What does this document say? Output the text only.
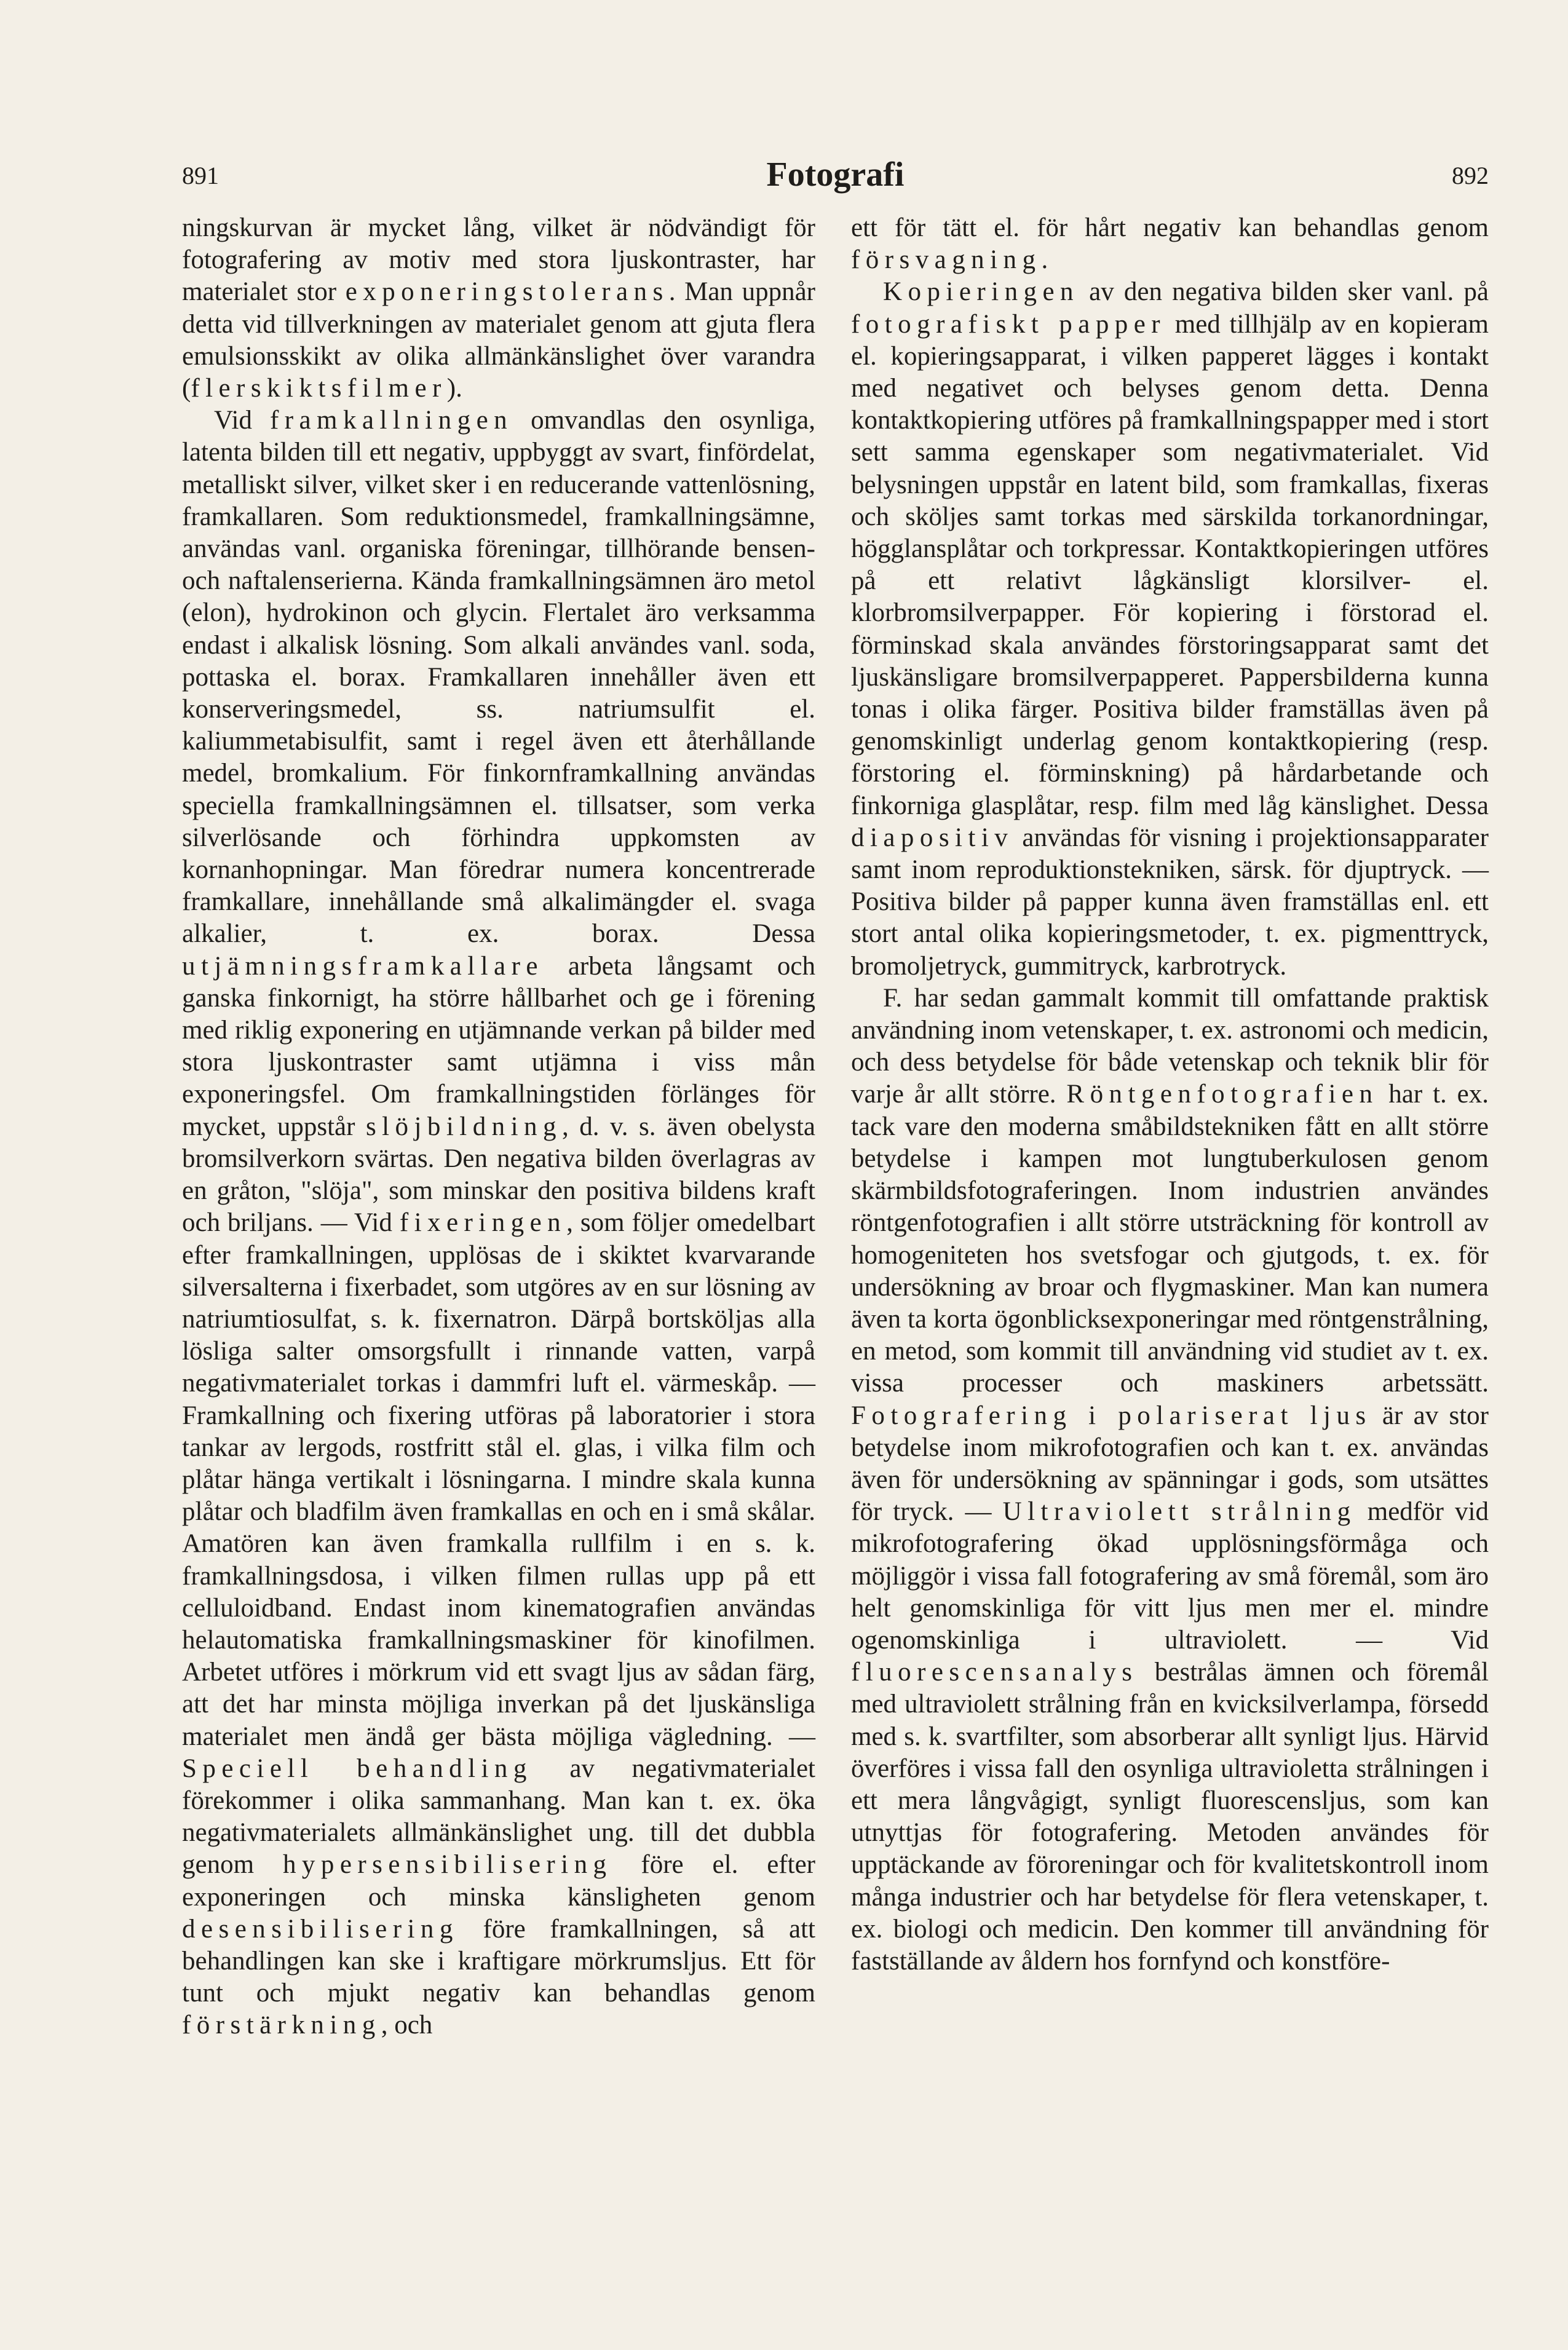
891	Fotografi	892

ningskurvan är mycket lång, vilket är nödvändigt för fotografering av motiv med stora ljuskontraster, har materialet stor exponeringstolerans. Man uppnår detta vid tillverkningen av materialet genom att gjuta flera emulsionsskikt av olika allmänkänslighet över varandra (flerskiktsfilmer).

Vid framkallningen omvandlas den osynliga, latenta bilden till ett negativ, uppbyggt av svart, finfördelat, metalliskt silver, vilket sker i en reducerande vattenlösning, framkallaren. Som reduktionsmedel, framkallningsämne, användas vanl. organiska föreningar, tillhörande bensen- och naftalenserierna. Kända framkallningsämnen äro metol (elon), hydrokinon och glycin. Flertalet äro verksamma endast i alkalisk lösning. Som alkali användes vanl. soda, pottaska el. borax. Framkallaren innehåller även ett konserveringsmedel, ss. natriumsulfit el. kaliummetabisulfit, samt i regel även ett återhållande medel, bromkalium. För finkornframkallning användas speciella framkallningsämnen el. tillsatser, som verka silverlösande och förhindra uppkomsten av kornanhopningar. Man föredrar numera koncentrerade framkallare, innehållande små alkalimängder el. svaga alkalier, t. ex. borax. Dessa utjämningsframkallare arbeta långsamt och ganska finkornigt, ha större hållbarhet och ge i förening med riklig exponering en utjämnande verkan på bilder med stora ljuskontraster samt utjämna i viss mån exponeringsfel. Om framkallningstiden förlänges för mycket, uppstår slöjbildning, d. v. s. även obelysta bromsilverkorn svärtas. Den negativa bilden överlagras av en gråton, "slöja", som minskar den positiva bildens kraft och briljans. — Vid fixeringen, som följer omedelbart efter framkallningen, upplösas de i skiktet kvarvarande silversalterna i fixerbadet, som utgöres av en sur lösning av natriumtiosulfat, s. k. fixernatron. Därpå bortsköljas alla lösliga salter omsorgsfullt i rinnande vatten, varpå negativmaterialet torkas i dammfri luft el. värmeskåp. — Framkallning och fixering utföras på laboratorier i stora tankar av lergods, rostfritt stål el. glas, i vilka film och plåtar hänga vertikalt i lösningarna. I mindre skala kunna plåtar och bladfilm även framkallas en och en i små skålar. Amatören kan även framkalla rullfilm i en s. k. framkallningsdosa, i vilken filmen rullas upp på ett celluloidband. Endast inom kinematografien användas helautomatiska framkallningsmaskiner för kinofilmen. Arbetet utföres i mörkrum vid ett svagt ljus av sådan färg, att det har minsta möjliga inverkan på det ljuskänsliga materialet men ändå ger bästa möjliga vägledning. — Speciell behandling av negativmaterialet förekommer i olika sammanhang. Man kan t. ex. öka negativmaterialets allmänkänslighet ung. till det dubbla genom hypersensibilisering före el. efter exponeringen och minska känsligheten genom desensibilisering före framkallningen, så att behandlingen kan ske i kraftigare mörkrumsljus. Ett för tunt och mjukt negativ kan behandlas genom förstärkning, och

ett för tätt el. för hårt negativ kan behandlas genom försvagning.

Kopieringen av den negativa bilden sker vanl. på fotografiskt papper med tillhjälp av en kopieram el. kopieringsapparat, i vilken papperet lägges i kontakt med negativet och belyses genom detta. Denna kontaktkopiering utföres på framkallningspapper med i stort sett samma egenskaper som negativmaterialet. Vid belysningen uppstår en latent bild, som framkallas, fixeras och sköljes samt torkas med särskilda torkanordningar, högglansplåtar och torkpressar. Kontaktkopieringen utföres på ett relativt lågkänsligt klorsilver- el. klorbromsilverpapper. För kopiering i förstorad el. förminskad skala användes förstoringsapparat samt det ljuskänsligare bromsilverpapperet. Pappersbilderna kunna tonas i olika färger. Positiva bilder framställas även på genomskinligt underlag genom kontaktkopiering (resp. förstoring el. förminskning) på hårdarbetande och finkorniga glasplåtar, resp. film med låg känslighet. Dessa diapositiv användas för visning i projektionsapparater samt inom reproduktionstekniken, särsk. för djuptryck. — Positiva bilder på papper kunna även framställas enl. ett stort antal olika kopieringsmetoder, t. ex. pigmenttryck, bromoljetryck, gummitryck, karbrotryck.

F. har sedan gammalt kommit till omfattande praktisk användning inom vetenskaper, t. ex. astronomi och medicin, och dess betydelse för både vetenskap och teknik blir för varje år allt större. Röntgenfotografien har t. ex. tack vare den moderna småbildstekniken fått en allt större betydelse i kampen mot lungtuberkulosen genom skärmbildsfotograferingen. Inom industrien användes röntgenfotografien i allt större utsträckning för kontroll av homogeniteten hos svetsfogar och gjutgods, t. ex. för undersökning av broar och flygmaskiner. Man kan numera även ta korta ögonblicksexponeringar med röntgenstrålning, en metod, som kommit till användning vid studiet av t. ex. vissa processer och maskiners arbetssätt. Fotografering i polariserat ljus är av stor betydelse inom mikrofotografien och kan t. ex. användas även för undersökning av spänningar i gods, som utsättes för tryck. — Ultraviolett strålning medför vid mikrofotografering ökad upplösningsförmåga och möjliggör i vissa fall fotografering av små föremål, som äro helt genomskinliga för vitt ljus men mer el. mindre ogenomskinliga i ultraviolett. — Vid fluorescensanalys bestrålas ämnen och föremål med ultraviolett strålning från en kvicksilverlampa, försedd med s. k. svartfilter, som absorberar allt synligt ljus. Härvid överföres i vissa fall den osynliga ultravioletta strålningen i ett mera långvågigt, synligt fluorescensljus, som kan utnyttjas för fotografering. Metoden användes för upptäckande av föroreningar och för kvalitetskontroll inom många industrier och har betydelse för flera vetenskaper, t. ex. biologi och medicin. Den kommer till användning för fastställande av åldern hos fornfynd och konstföre-
